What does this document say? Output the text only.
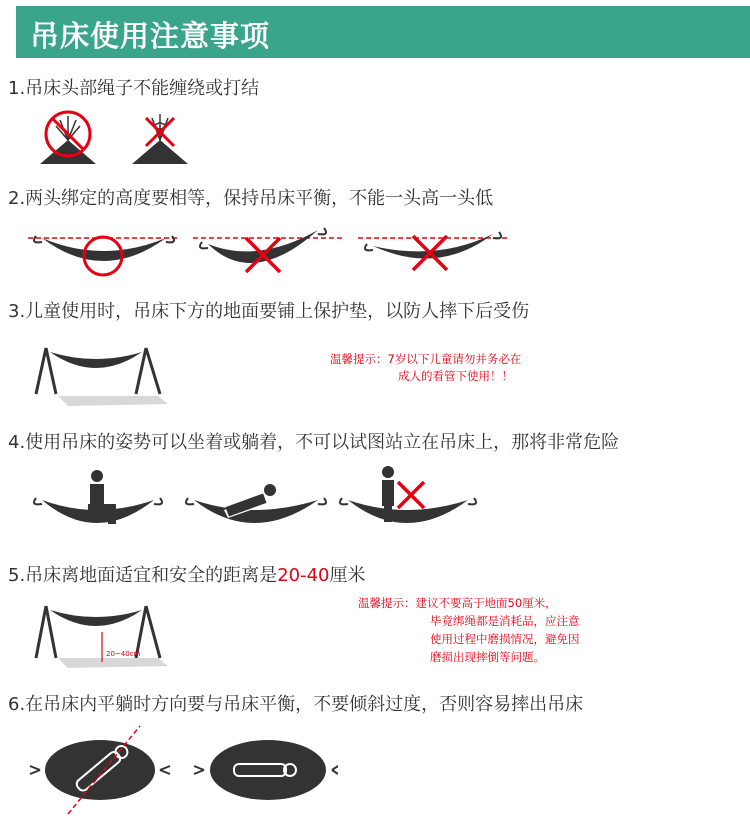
吊床使用注意事项
1.吊床头部绳子不能缠绕或打结
2.两头绑定的高度要相等，保持吊床平衡，不能一头高一头低
3.儿童使用时，吊床下方的地面要铺上保护垫，以防人摔下后受伤
温馨提示：7岁以下儿童请勿并务必在
成人的看管下使用！！
4.使用吊床的姿势可以坐着或躺着，不可以试图站立在吊床上，那将非常危险
5.吊床离地面适宜和安全的距离是20-40厘米
20~40cm
温馨提示：建议不要高于地面50厘米，
毕竟绑绳都是消耗品，应注意
使用过程中磨损情况，避免因
磨损出现摔倒等问题。
6.在吊床内平躺时方向要与吊床平衡，不要倾斜过度，否则容易摔出吊床
